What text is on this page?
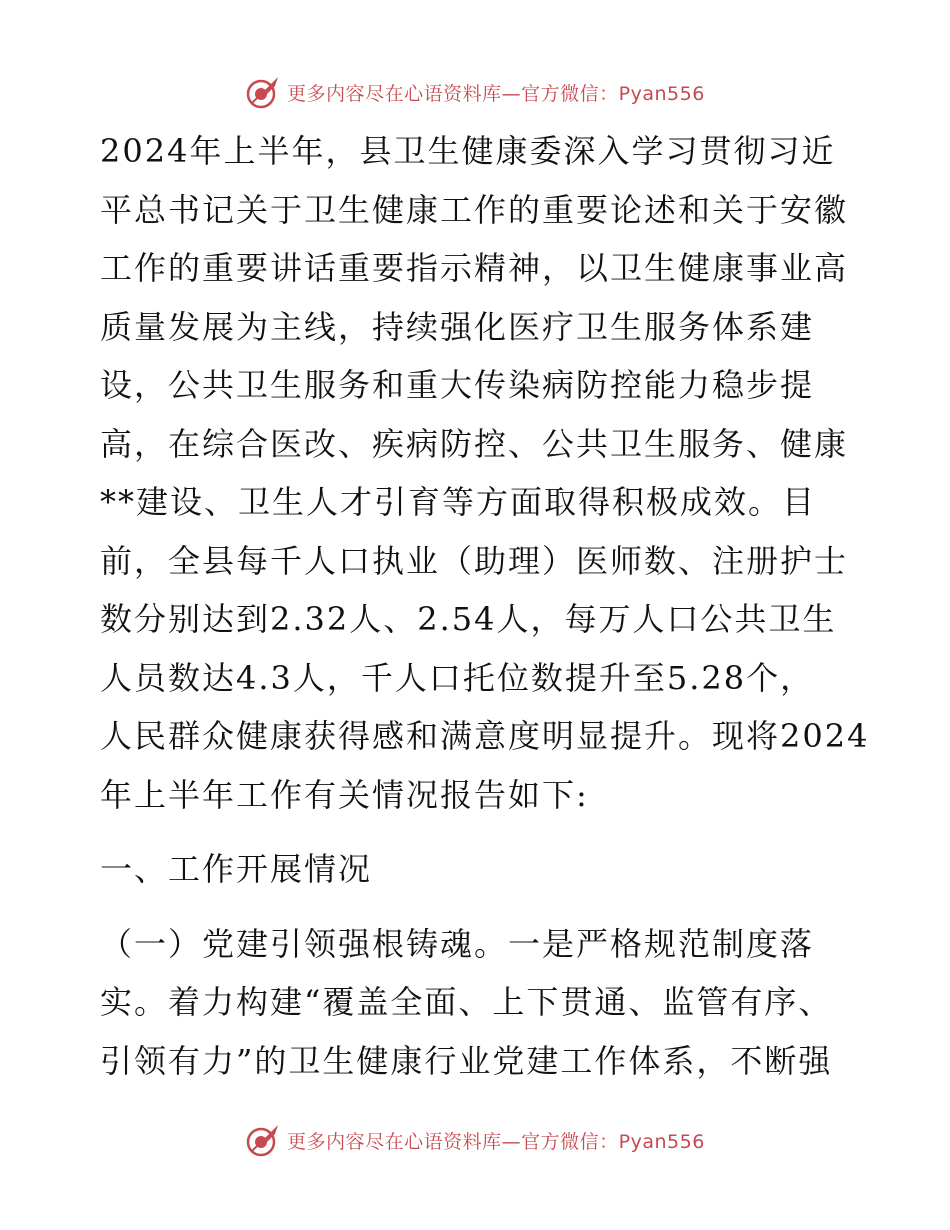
更多内容尽在心语资料库—官方微信：Pyan556
2024年上半年，县卫生健康委深入学习贯彻习近
平总书记关于卫生健康工作的重要论述和关于安徽
工作的重要讲话重要指示精神，以卫生健康事业高
质量发展为主线，持续强化医疗卫生服务体系建
设，公共卫生服务和重大传染病防控能力稳步提
高，在综合医改、疾病防控、公共卫生服务、健康
**建设、卫生人才引育等方面取得积极成效。目
前，全县每千人口执业（助理）医师数、注册护士
数分别达到2.32人、2.54人，每万人口公共卫生
人员数达4.3人，千人口托位数提升至5.28个，
人民群众健康获得感和满意度明显提升。现将2024
年上半年工作有关情况报告如下:
一、工作开展情况
（一）党建引领强根铸魂。一是严格规范制度落
实。着力构建“覆盖全面、上下贯通、监管有序、
引领有力”的卫生健康行业党建工作体系，不断强
更多内容尽在心语资料库—官方微信：Pyan556
